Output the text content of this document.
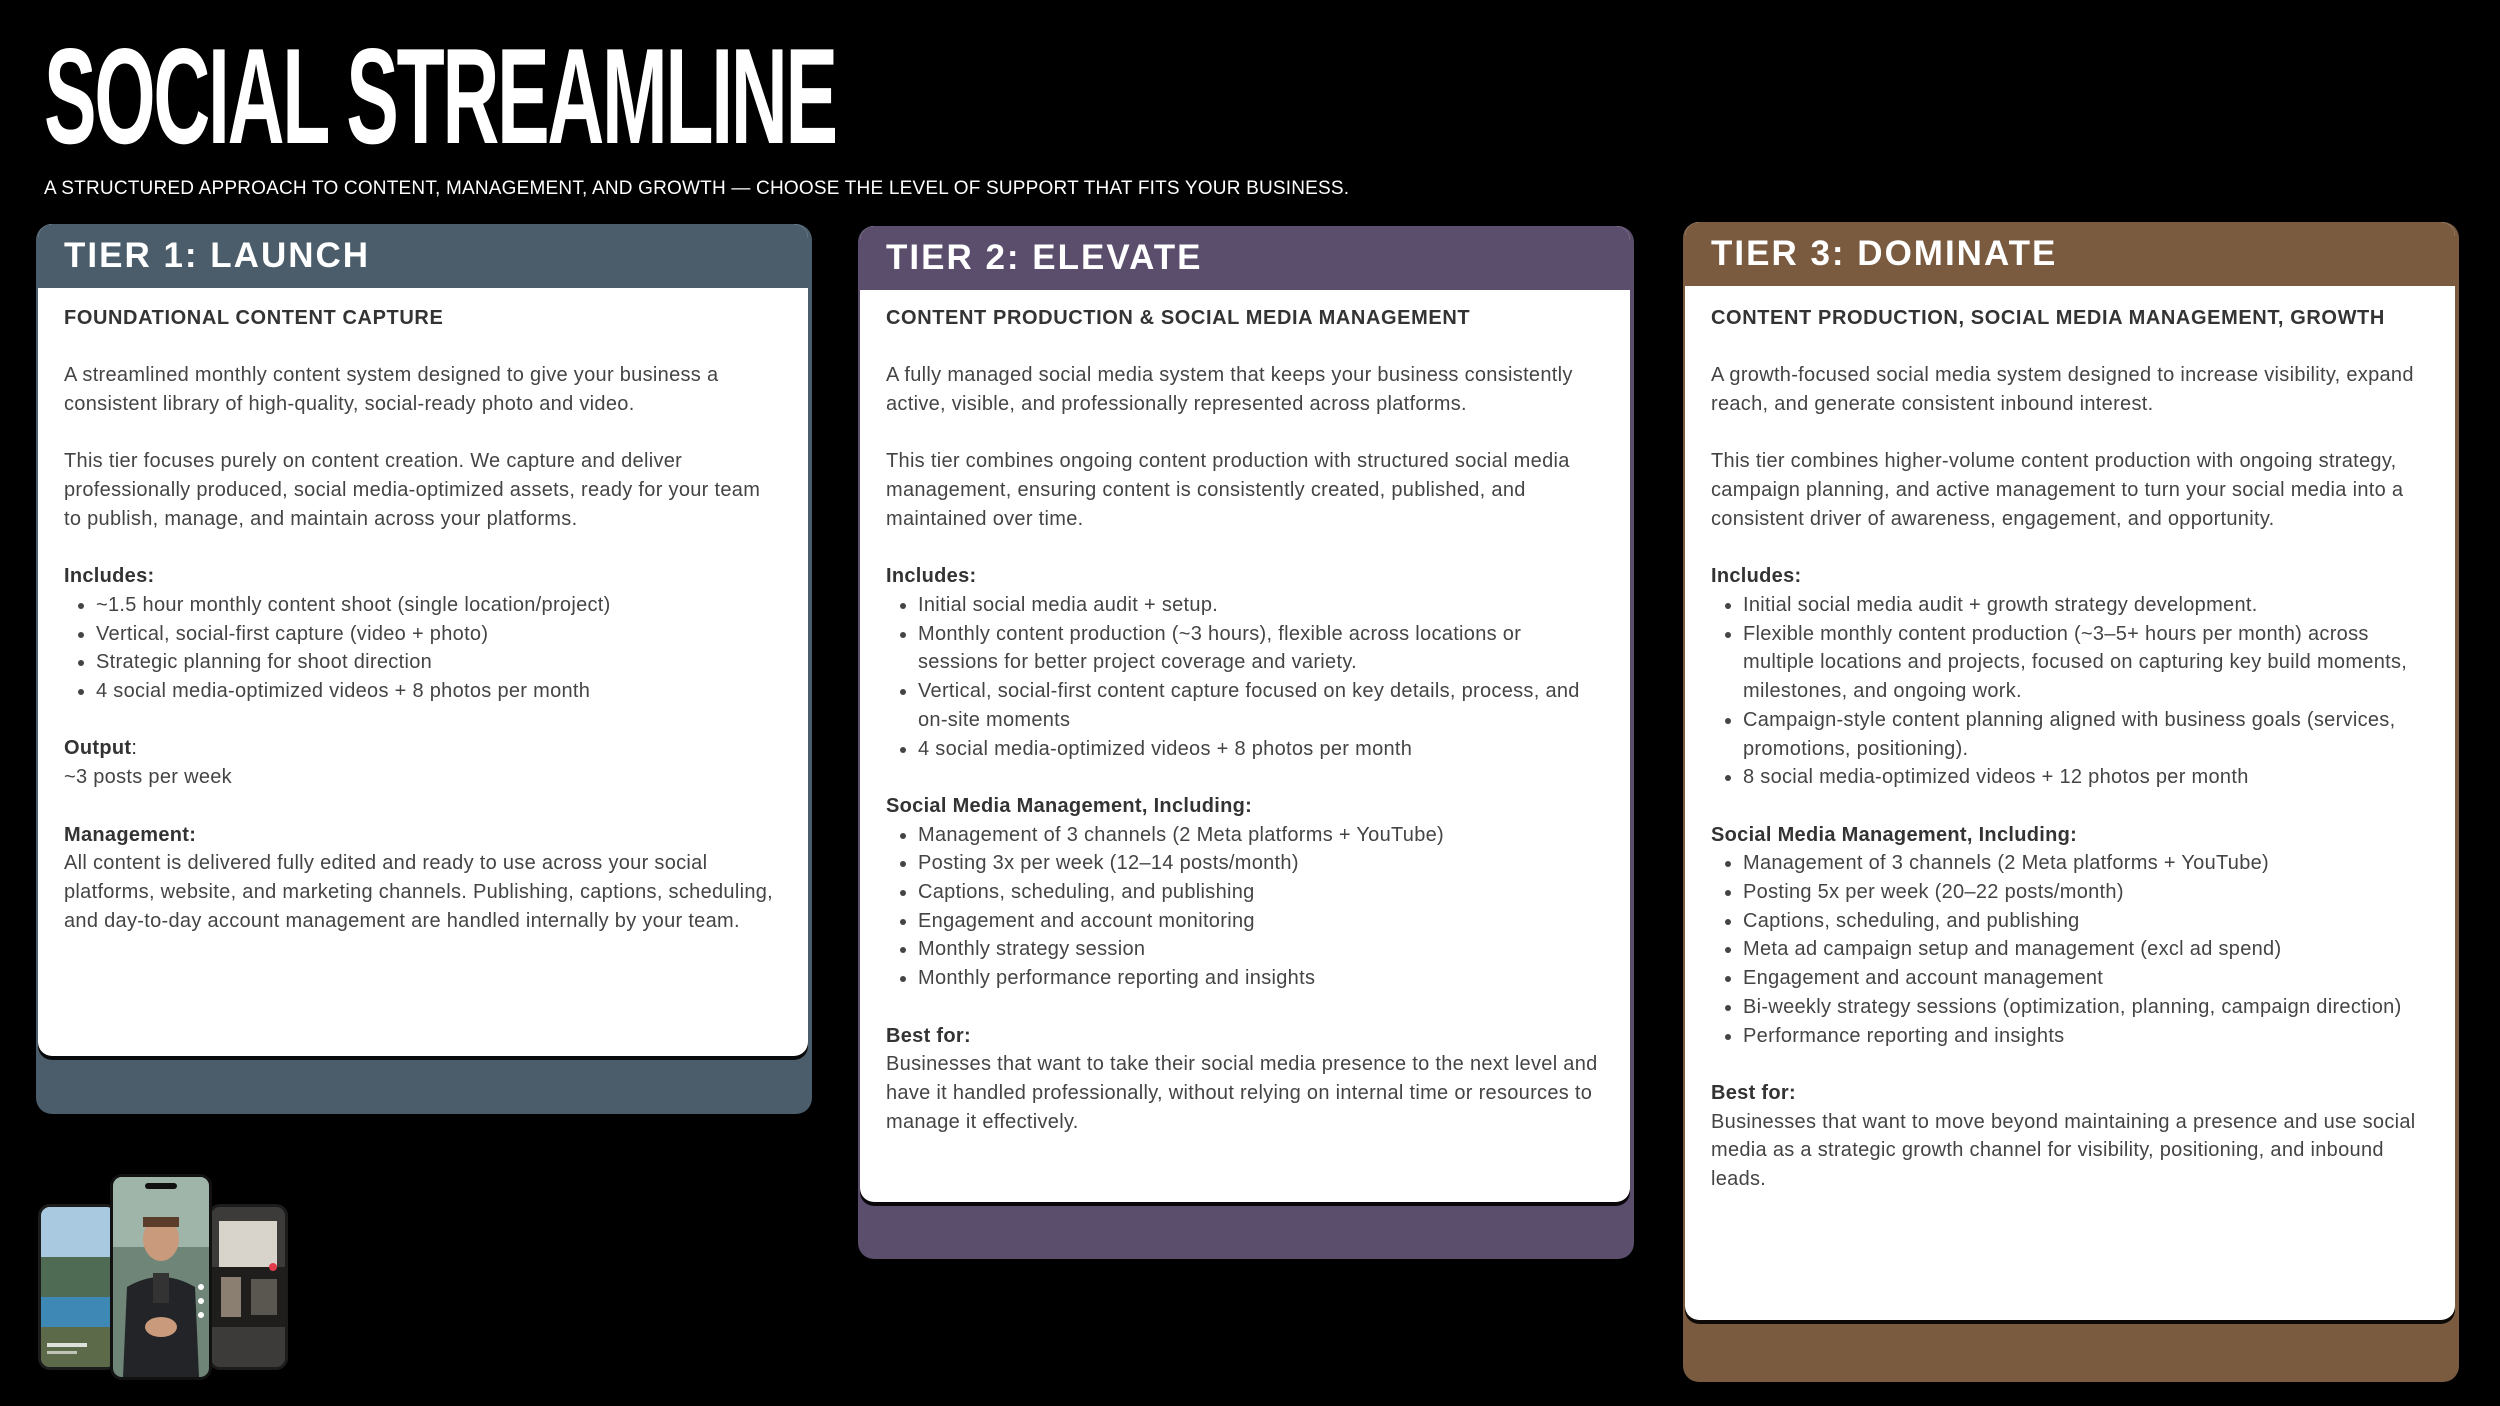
SOCIAL STREAMLINE

A STRUCTURED APPROACH TO CONTENT, MANAGEMENT, AND GROWTH — CHOOSE THE LEVEL OF SUPPORT THAT FITS YOUR BUSINESS.

TIER 1: LAUNCH

FOUNDATIONAL CONTENT CAPTURE

A streamlined monthly content system designed to give your business a consistent library of high-quality, social-ready photo and video.

This tier focuses purely on content creation. We capture and deliver professionally produced, social media-optimized assets, ready for your team to publish, manage, and maintain across your platforms.

Includes:

• ~1.5 hour monthly content shoot (single location/project)
• Vertical, social-first capture (video + photo)
• Strategic planning for shoot direction
• 4 social media-optimized videos + 8 photos per month

Output:

~3 posts per week

Management:

All content is delivered fully edited and ready to use across your social platforms, website, and marketing channels. Publishing, captions, scheduling, and day-to-day account management are handled internally by your team.

TIER 2: ELEVATE

CONTENT PRODUCTION & SOCIAL MEDIA MANAGEMENT

A fully managed social media system that keeps your business consistently active, visible, and professionally represented across platforms.

This tier combines ongoing content production with structured social media management, ensuring content is consistently created, published, and maintained over time.

Includes:

• Initial social media audit + setup.
• Monthly content production (~3 hours), flexible across locations or sessions for better project coverage and variety.
• Vertical, social-first content capture focused on key details, process, and on-site moments
• 4 social media-optimized videos + 8 photos per month

Social Media Management, Including:

• Management of 3 channels (2 Meta platforms + YouTube)
• Posting 3x per week (12–14 posts/month)
• Captions, scheduling, and publishing
• Engagement and account monitoring
• Monthly strategy session
• Monthly performance reporting and insights

Best for:

Businesses that want to take their social media presence to the next level and have it handled professionally, without relying on internal time or resources to manage it effectively.

TIER 3: DOMINATE

CONTENT PRODUCTION, SOCIAL MEDIA MANAGEMENT, GROWTH

A growth-focused social media system designed to increase visibility, expand reach, and generate consistent inbound interest.

This tier combines higher-volume content production with ongoing strategy, campaign planning, and active management to turn your social media into a consistent driver of awareness, engagement, and opportunity.

Includes:

• Initial social media audit + growth strategy development.
• Flexible monthly content production (~3–5+ hours per month) across multiple locations and projects, focused on capturing key build moments, milestones, and ongoing work.
• Campaign-style content planning aligned with business goals (services, promotions, positioning).
• 8 social media-optimized videos + 12 photos per month

Social Media Management, Including:

• Management of 3 channels (2 Meta platforms + YouTube)
• Posting 5x per week (20–22 posts/month)
• Captions, scheduling, and publishing
• Meta ad campaign setup and management (excl ad spend)
• Engagement and account management
• Bi-weekly strategy sessions (optimization, planning, campaign direction)
• Performance reporting and insights

Best for:

Businesses that want to move beyond maintaining a presence and use social media as a strategic growth channel for visibility, positioning, and inbound leads.
